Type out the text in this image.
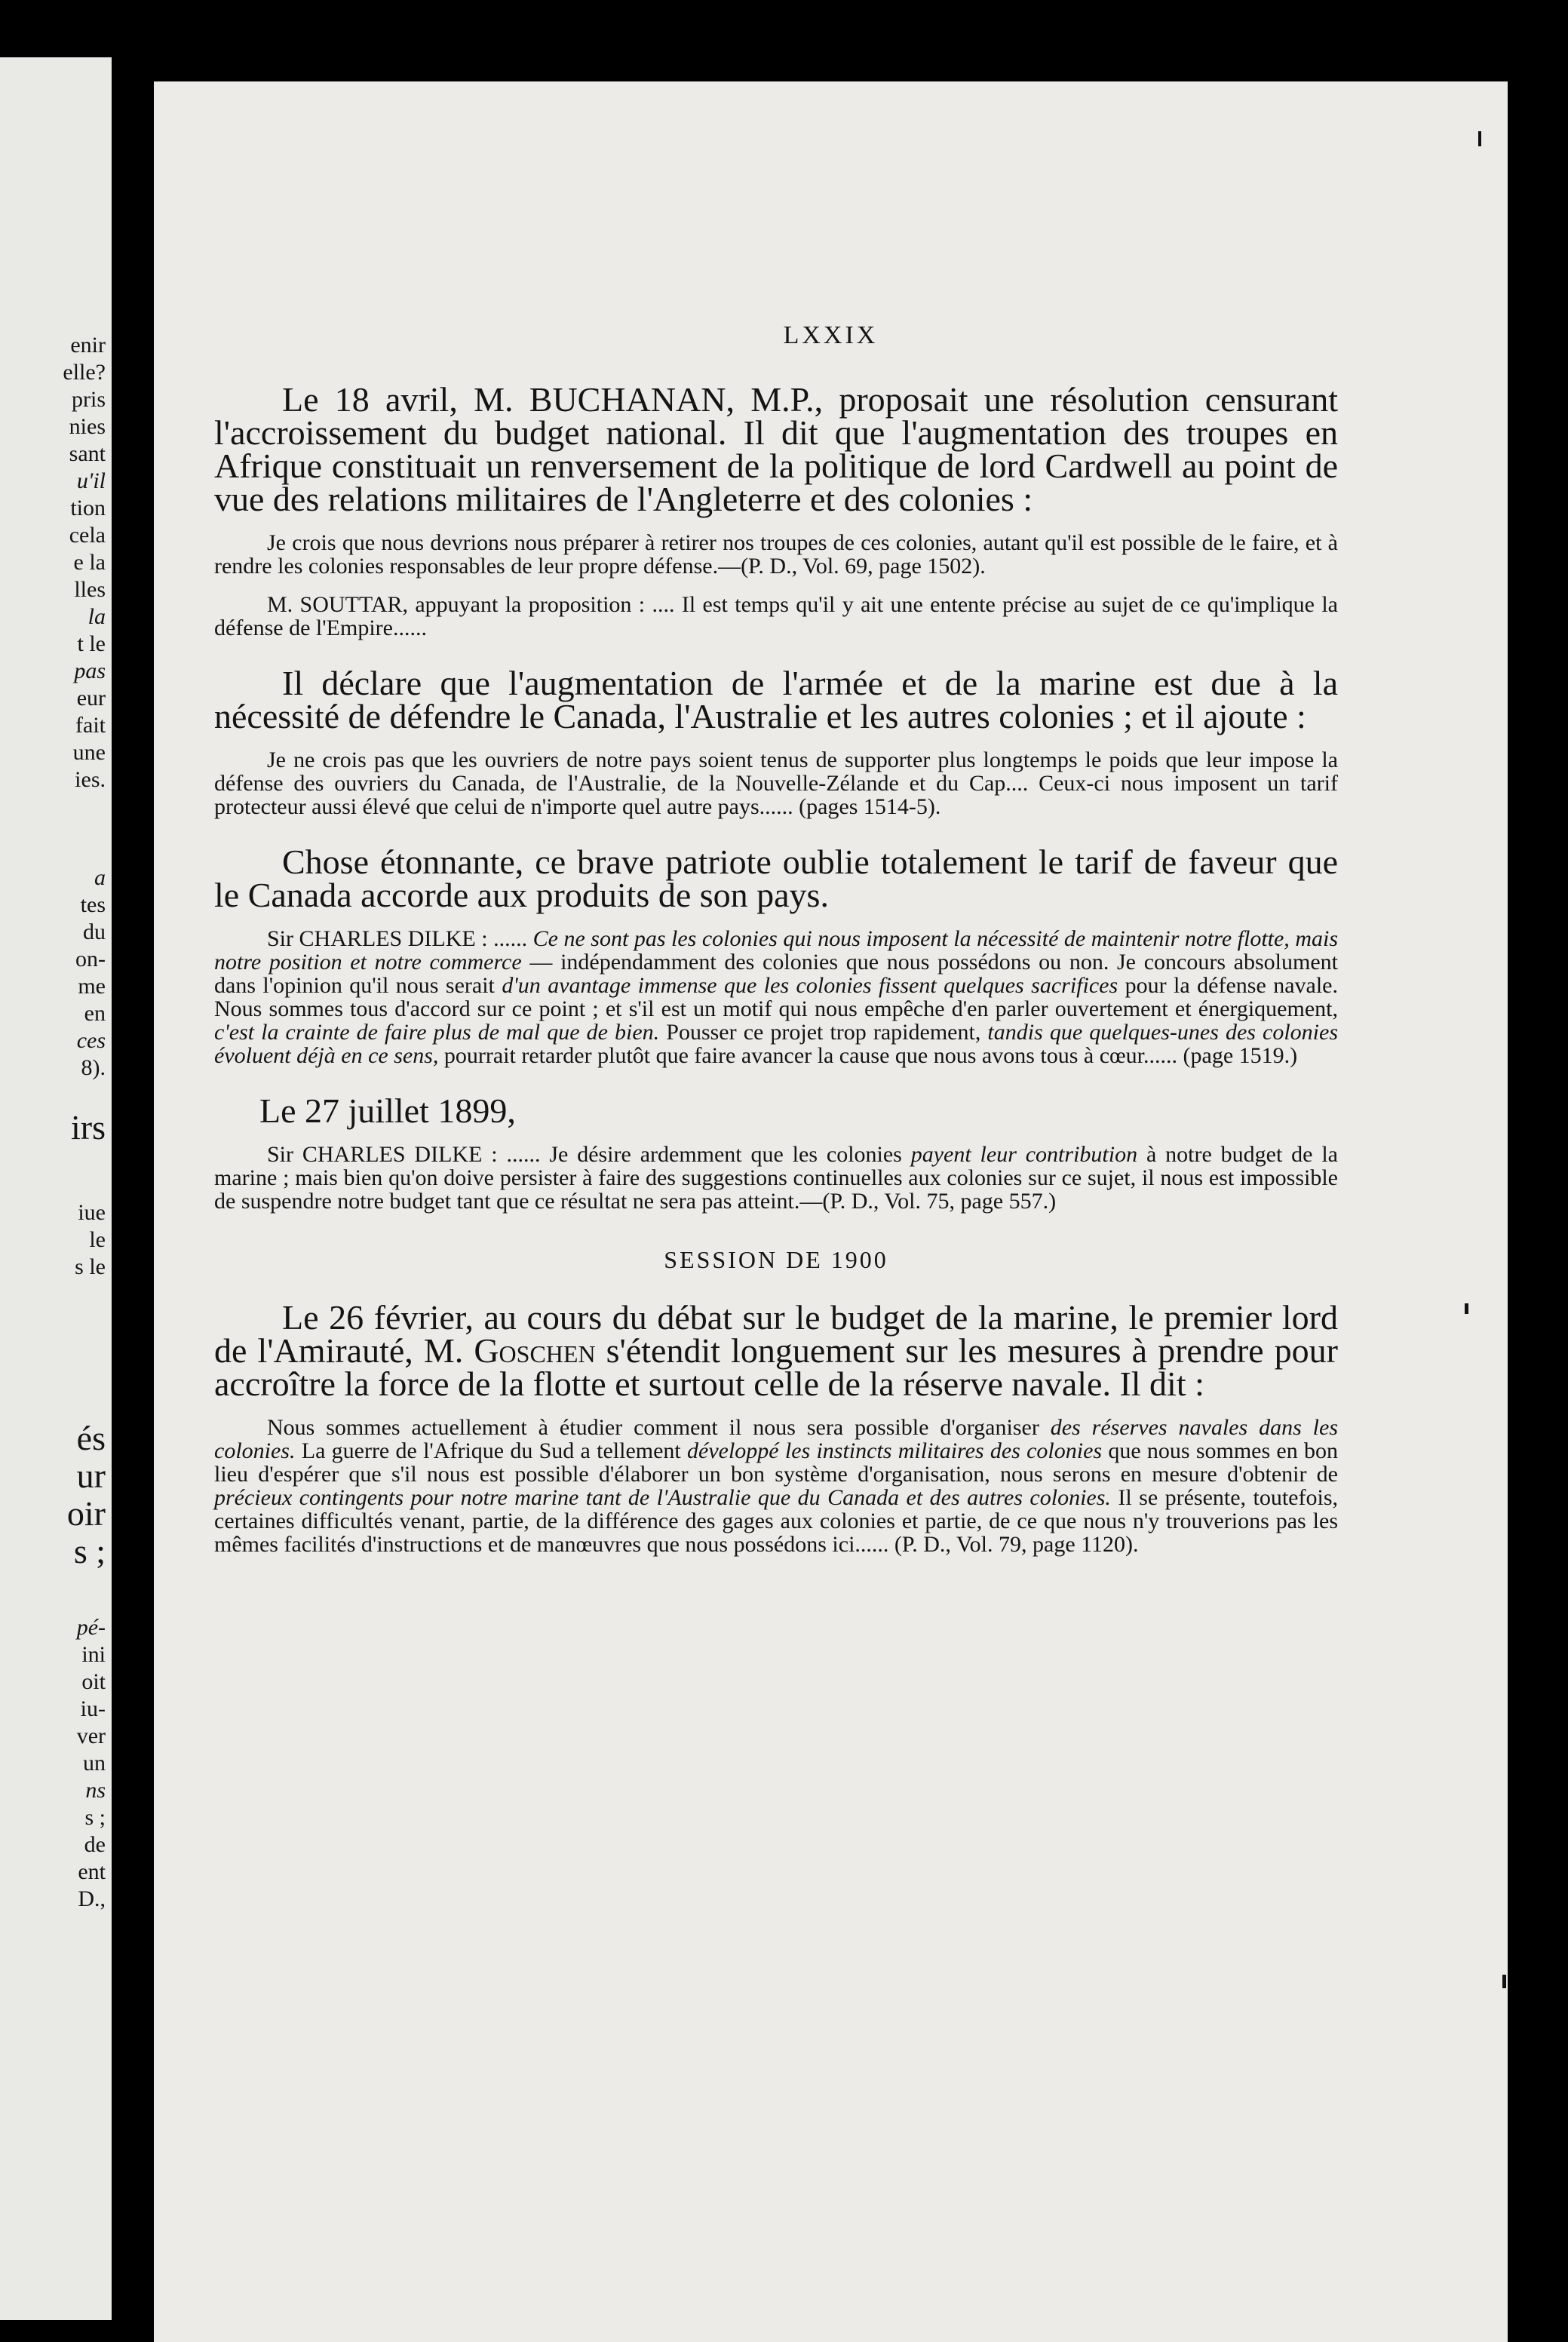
enir
elle?
pris
nies
sant
u'il
tion
cela
e la
lles
la
t le
pas
eur
fait
une
ies.
a
tes
du
on-
me
en
ces
8).
irs
iue
le
s le
és
ur
oir
s ;
pé-
ini
oit
iu-
ver
un
ns
s ;
de
ent
D.,
LXXIX

Le 18 avril, M. BUCHANAN, M.P., proposait une résolution censurant l'accroissement du budget national. Il dit que l'augmentation des troupes en Afrique constituait un renversement de la politique de lord Cardwell au point de vue des relations militaires de l'Angleterre et des colonies :

Je crois que nous devrions nous préparer à retirer nos troupes de ces colonies, autant qu'il est possible de le faire, et à rendre les colonies responsables de leur propre défense.—(P. D., Vol. 69, page 1502).

M. SOUTTAR, appuyant la proposition : .... Il est temps qu'il y ait une entente précise au sujet de ce qu'implique la défense de l'Empire......

Il déclare que l'augmentation de l'armée et de la marine est due à la nécessité de défendre le Canada, l'Australie et les autres colonies ; et il ajoute :

Je ne crois pas que les ouvriers de notre pays soient tenus de supporter plus longtemps le poids que leur impose la défense des ouvriers du Canada, de l'Australie, de la Nouvelle-Zélande et du Cap.... Ceux-ci nous imposent un tarif protecteur aussi élevé que celui de n'importe quel autre pays...... (pages 1514-5).

Chose étonnante, ce brave patriote oublie totalement le tarif de faveur que le Canada accorde aux produits de son pays.

Sir CHARLES DILKE : ...... Ce ne sont pas les colonies qui nous imposent la nécessité de maintenir notre flotte, mais notre position et notre commerce — indépendamment des colonies que nous possédons ou non. Je concours absolument dans l'opinion qu'il nous serait d'un avantage immense que les colonies fissent quelques sacrifices pour la défense navale. Nous sommes tous d'accord sur ce point ; et s'il est un motif qui nous empêche d'en parler ouvertement et énergiquement, c'est la crainte de faire plus de mal que de bien. Pousser ce projet trop rapidement, tandis que quelques-unes des colonies évoluent déjà en ce sens, pourrait retarder plutôt que faire avancer la cause que nous avons tous à cœur...... (page 1519.)

Le 27 juillet 1899,

Sir CHARLES DILKE : ...... Je désire ardemment que les colonies payent leur contribution à notre budget de la marine ; mais bien qu'on doive persister à faire des suggestions continuelles aux colonies sur ce sujet, il nous est impossible de suspendre notre budget tant que ce résultat ne sera pas atteint.—(P. D., Vol. 75, page 557.)

SESSION DE 1900

Le 26 février, au cours du débat sur le budget de la marine, le premier lord de l'Amirauté, M. Goschen s'étendit longuement sur les mesures à prendre pour accroître la force de la flotte et surtout celle de la réserve navale. Il dit :

Nous sommes actuellement à étudier comment il nous sera possible d'organiser des réserves navales dans les colonies. La guerre de l'Afrique du Sud a tellement développé les instincts militaires des colonies que nous sommes en bon lieu d'espérer que s'il nous est possible d'élaborer un bon système d'organisation, nous serons en mesure d'obtenir de précieux contingents pour notre marine tant de l'Australie que du Canada et des autres colonies. Il se présente, toutefois, certaines difficultés venant, partie, de la différence des gages aux colonies et partie, de ce que nous n'y trouverions pas les mêmes facilités d'instructions et de manœuvres que nous possédons ici...... (P. D., Vol. 79, page 1120).
